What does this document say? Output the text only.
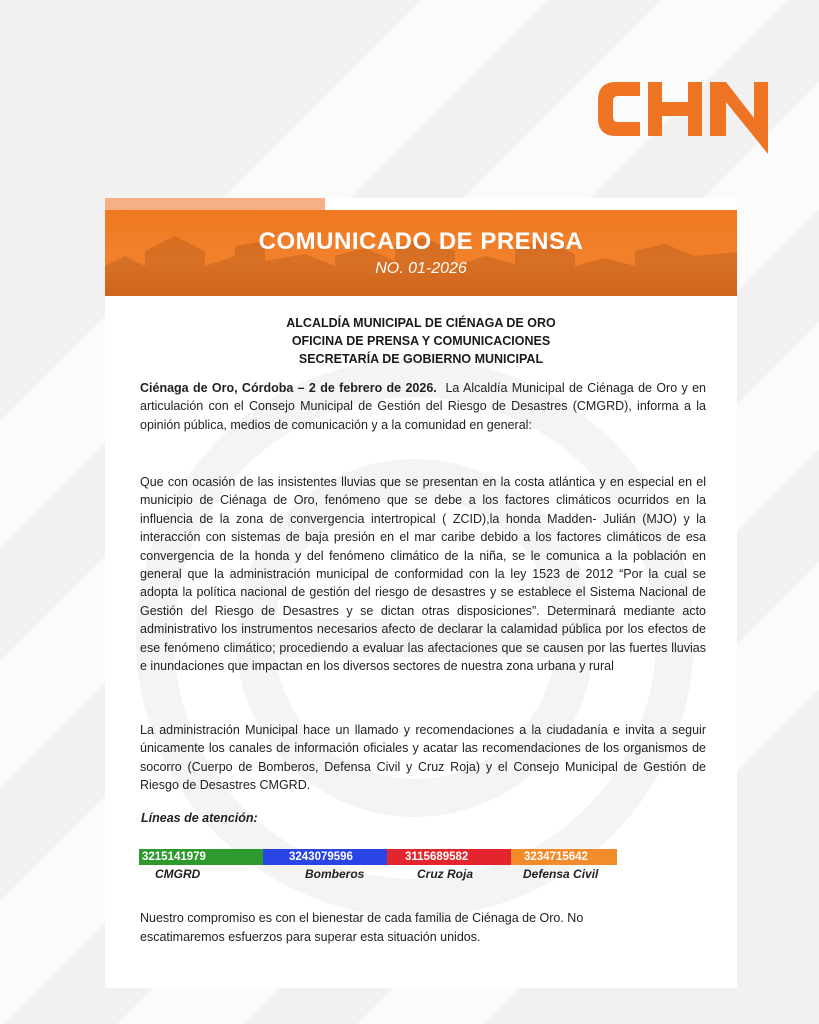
COMUNICADO DE PRENSA
NO. 01-2026
ALCALDÍA MUNICIPAL DE CIÉNAGA DE ORO
OFICINA DE PRENSA Y COMUNICACIONES
SECRETARÍA DE GOBIERNO MUNICIPAL

Ciénaga de Oro, Córdoba – 2 de febrero de 2026. La Alcaldía Municipal de Ciénaga de Oro y en articulación con el Consejo Municipal de Gestión del Riesgo de Desastres (CMGRD), informa a la opinión pública, medios de comunicación y a la comunidad en general:

Que con ocasión de las insistentes lluvias que se presentan en la costa atlántica y en especial en el municipio de Ciénaga de Oro, fenómeno que se debe a los factores climáticos ocurridos en la influencia de la zona de convergencia intertropical ( ZCID),la honda Madden- Julián (MJO) y la interacción con sistemas de baja presión en el mar caribe debido a los factores climáticos de esa convergencia de la honda y del fenómeno climático de la niña, se le comunica a la población en general que la administración municipal de conformidad con la ley 1523 de 2012 “Por la cual se adopta la política nacional de gestión del riesgo de desastres y se establece el Sistema Nacional de Gestión del Riesgo de Desastres y se dictan otras disposiciones”. Determinará mediante acto administrativo los instrumentos necesarios afecto de declarar la calamidad pública por los efectos de ese fenómeno climático; procediendo a evaluar las afectaciones que se causen por las fuertes lluvias e inundaciones que impactan en los diversos sectores de nuestra zona urbana y rural

La administración Municipal hace un llamado y recomendaciones a la ciudadanía e invita a seguir únicamente los canales de información oficiales y acatar las recomendaciones de los organismos de socorro (Cuerpo de Bomberos, Defensa Civil y Cruz Roja) y el Consejo Municipal de Gestión de Riesgo de Desastres CMGRD.

Líneas de atención:
3215141979
CMGRD
3243079596
Bomberos
3115689582
Cruz Roja
3234715642
Defensa Civil

Nuestro compromiso es con el bienestar de cada familia de Ciénaga de Oro. No escatimaremos esfuerzos para superar esta situación unidos.
